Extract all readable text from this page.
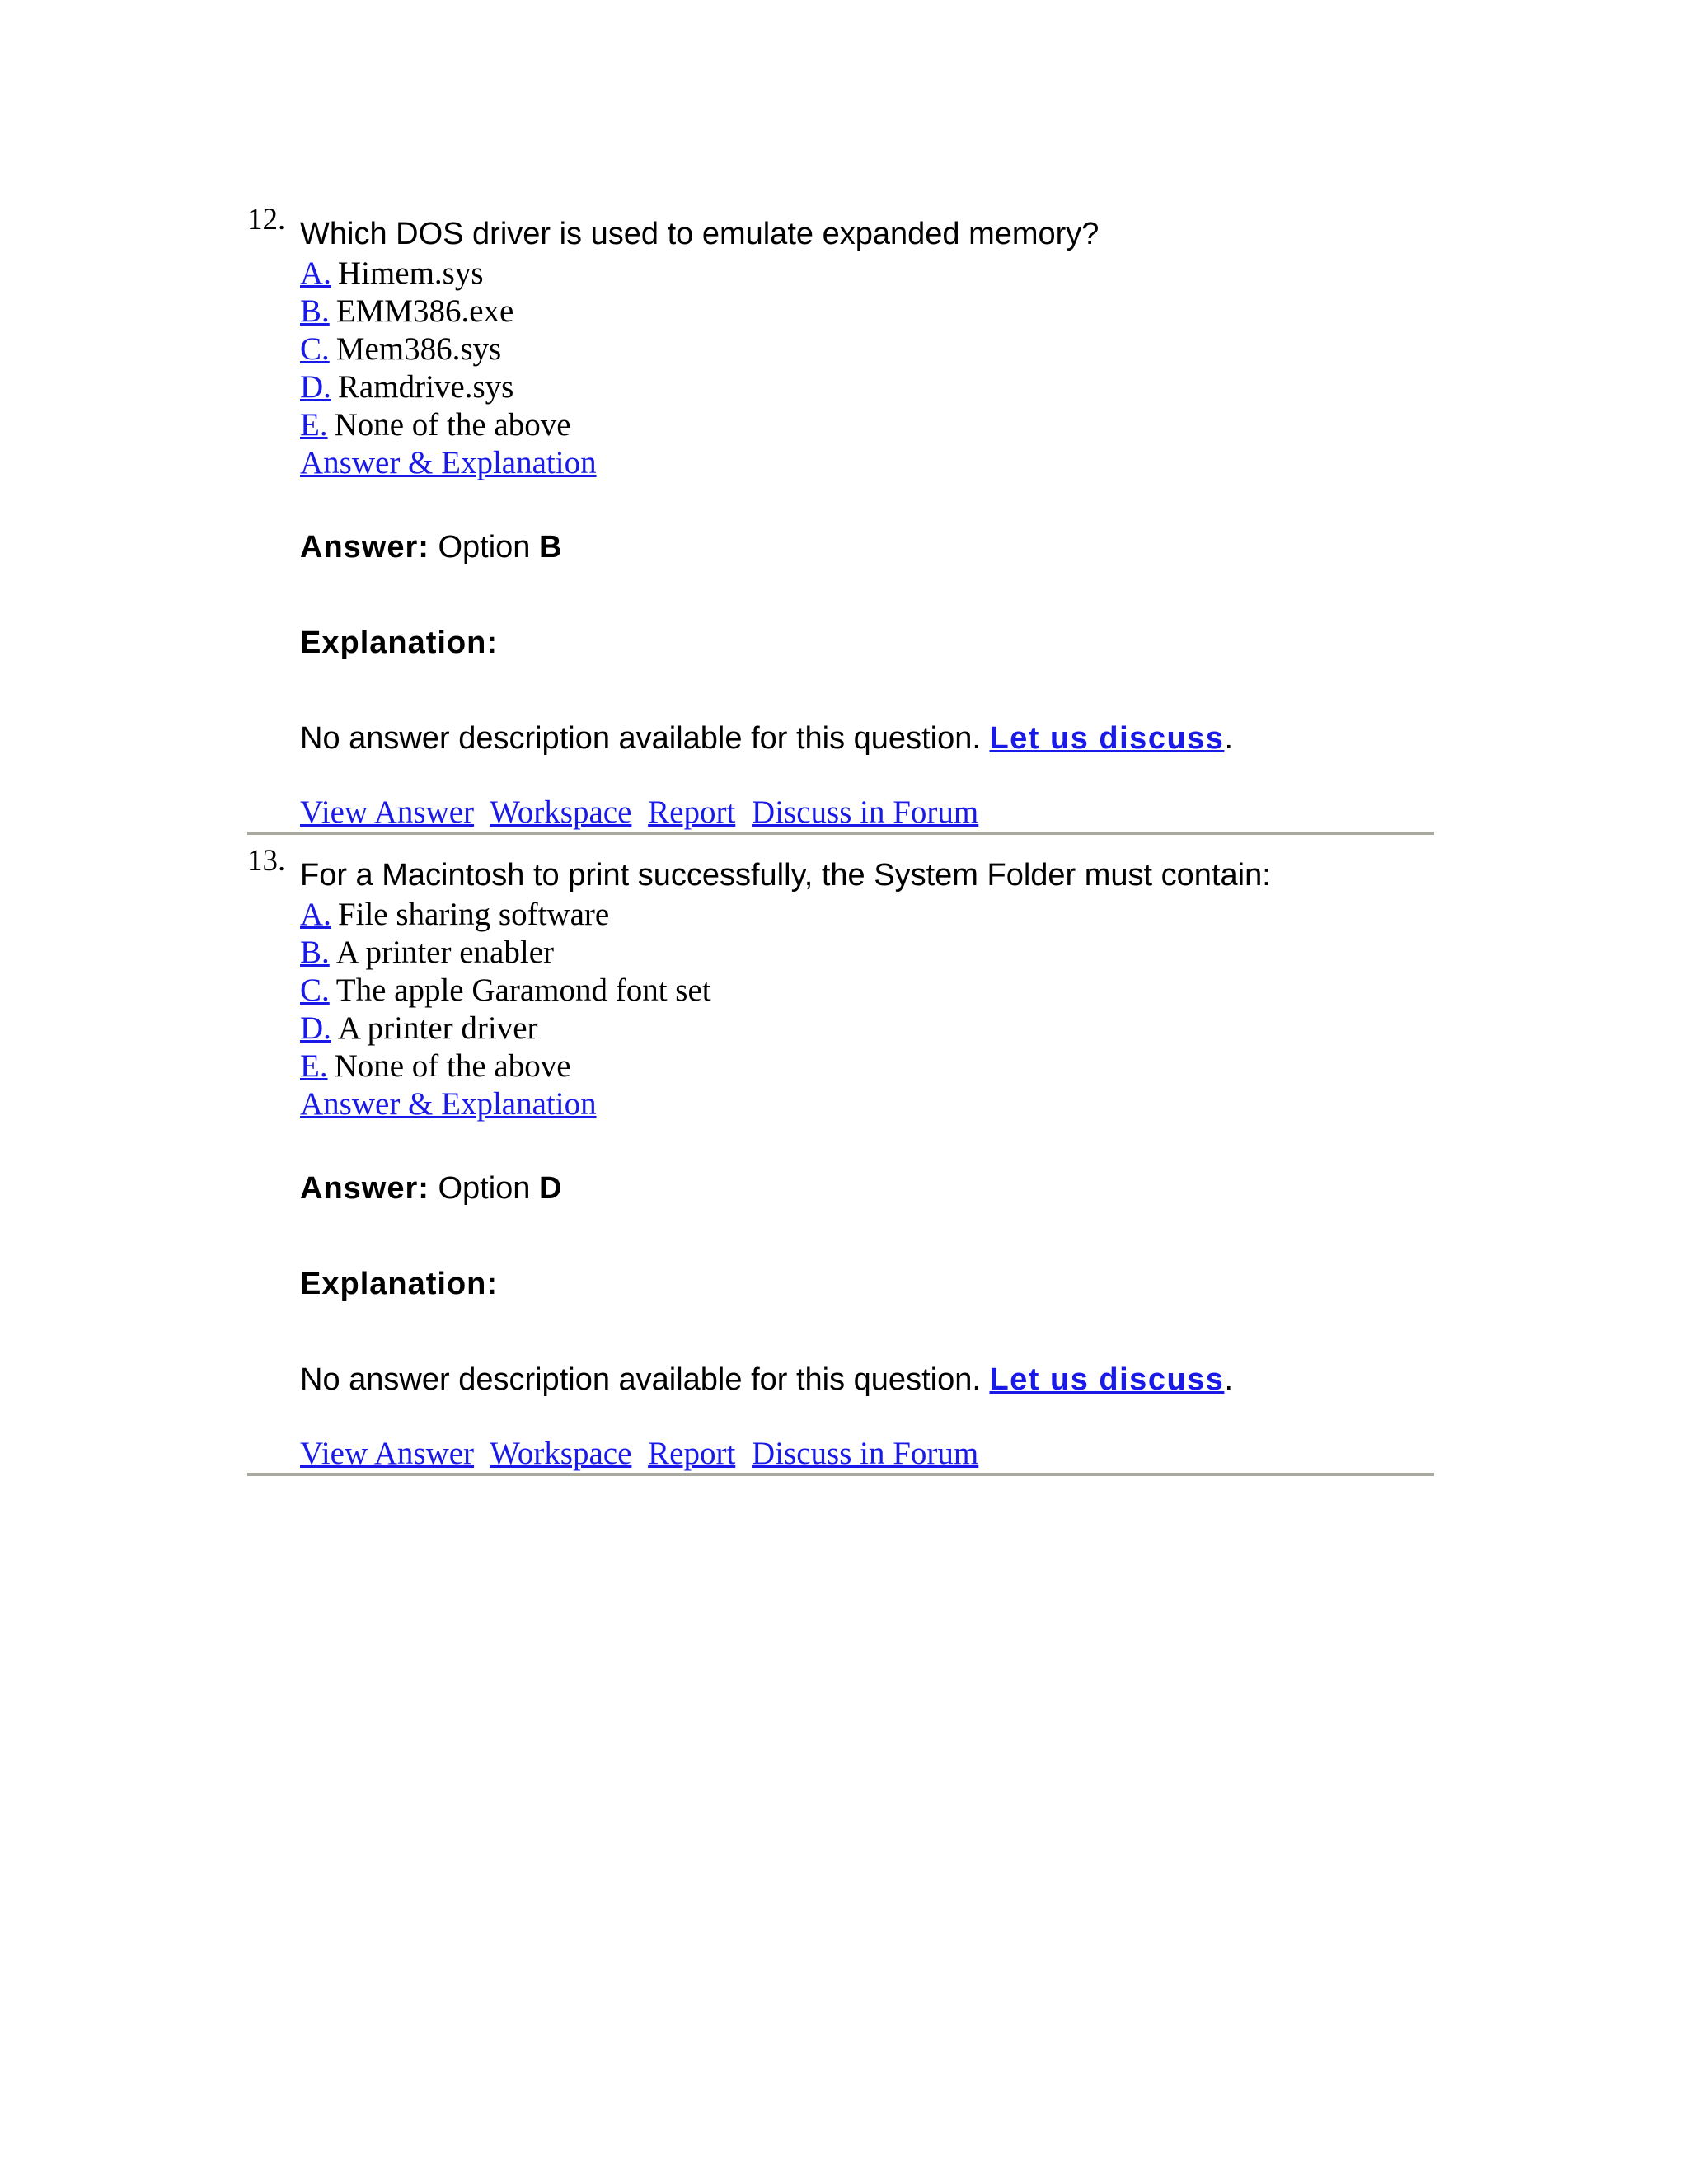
12. Which DOS driver is used to emulate expanded memory?
A. Himem.sys
B. EMM386.exe
C. Mem386.sys
D. Ramdrive.sys
E. None of the above
Answer & Explanation
Answer: Option B
Explanation:
No answer description available for this question. Let us discuss.
View Answer Workspace Report Discuss in Forum
13. For a Macintosh to print successfully, the System Folder must contain:
A. File sharing software
B. A printer enabler
C. The apple Garamond font set
D. A printer driver
E. None of the above
Answer & Explanation
Answer: Option D
Explanation:
No answer description available for this question. Let us discuss.
View Answer Workspace Report Discuss in Forum
